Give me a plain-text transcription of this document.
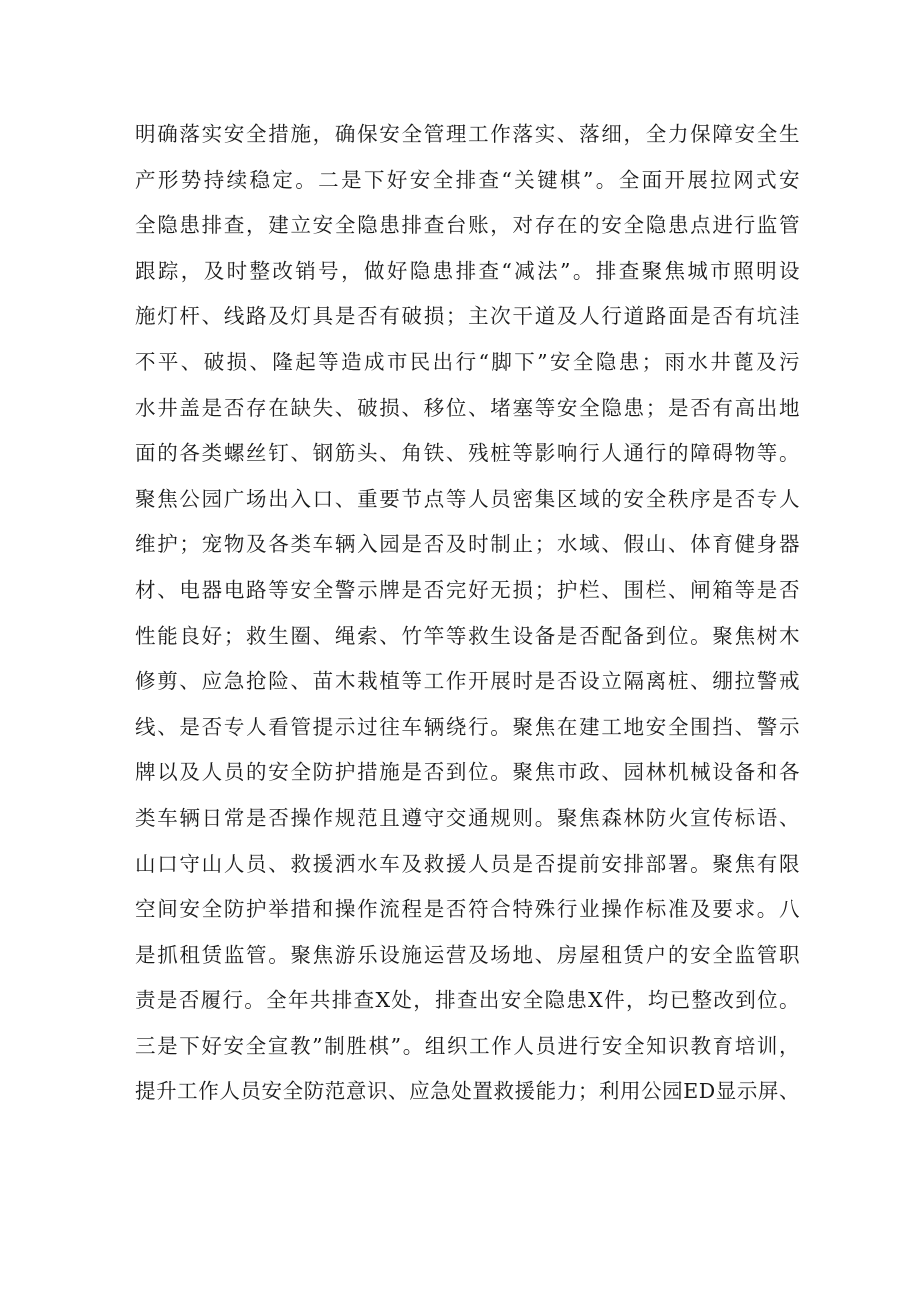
明确落实安全措施，确保安全管理工作落实、落细，全力保障安全生
产形势持续稳定。二是下好安全排查“关键棋”。全面开展拉网式安
全隐患排查，建立安全隐患排查台账，对存在的安全隐患点进行监管
跟踪，及时整改销号，做好隐患排查“减法”。排查聚焦城市照明设
施灯杆、线路及灯具是否有破损；主次干道及人行道路面是否有坑洼
不平、破损、隆起等造成市民出行“脚下”安全隐患；雨水井蓖及污
水井盖是否存在缺失、破损、移位、堵塞等安全隐患；是否有高出地
面的各类螺丝钉、钢筋头、角铁、残桩等影响行人通行的障碍物等。
聚焦公园广场出入口、重要节点等人员密集区域的安全秩序是否专人
维护；宠物及各类车辆入园是否及时制止；水域、假山、体育健身器
材、电器电路等安全警示牌是否完好无损；护栏、围栏、闸箱等是否
性能良好；救生圈、绳索、竹竿等救生设备是否配备到位。聚焦树木
修剪、应急抢险、苗木栽植等工作开展时是否设立隔离桩、绷拉警戒
线、是否专人看管提示过往车辆绕行。聚焦在建工地安全围挡、警示
牌以及人员的安全防护措施是否到位。聚焦市政、园林机械设备和各
类车辆日常是否操作规范且遵守交通规则。聚焦森林防火宣传标语、
山口守山人员、救援洒水车及救援人员是否提前安排部署。聚焦有限
空间安全防护举措和操作流程是否符合特殊行业操作标准及要求。八
是抓租赁监管。聚焦游乐设施运营及场地、房屋租赁户的安全监管职
责是否履行。全年共排查X处，排查出安全隐患X件，均已整改到位。
三是下好安全宣教”制胜棋”。组织工作人员进行安全知识教育培训，
提升工作人员安全防范意识、应急处置救援能力；利用公园ED显示屏、
